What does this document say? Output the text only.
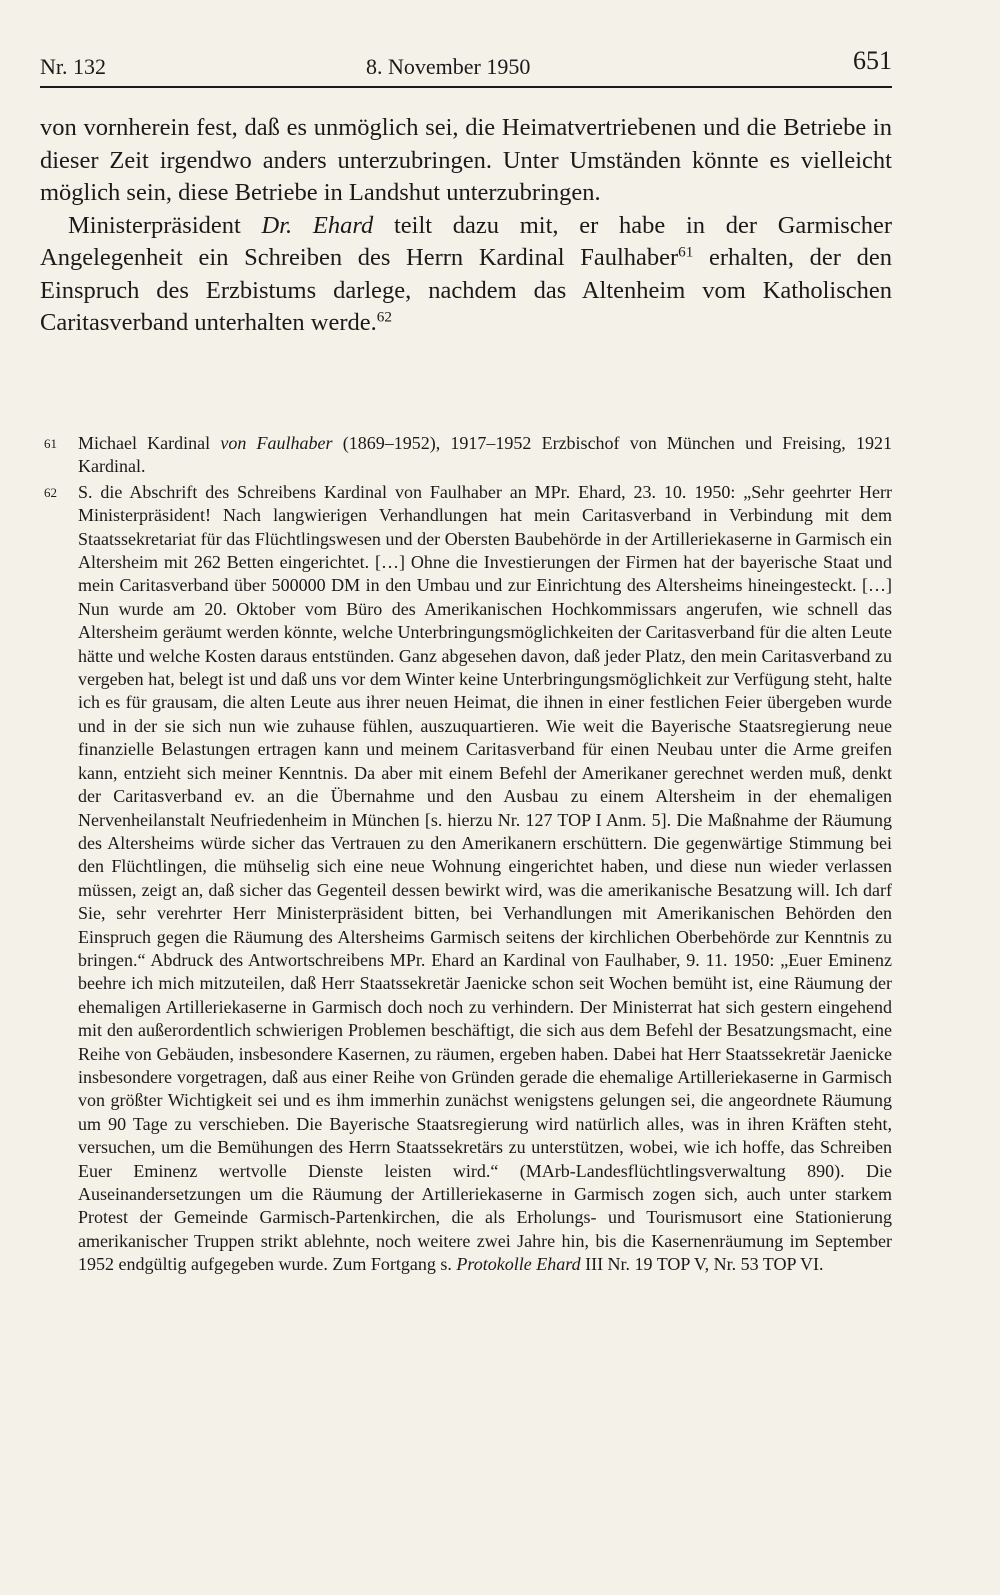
Nr. 132	8. November 1950	651

von vornherein fest, daß es unmöglich sei, die Heimatvertriebenen und die Betriebe in dieser Zeit irgendwo anders unterzubringen. Unter Umständen könnte es vielleicht möglich sein, diese Betriebe in Landshut unterzubringen.

Ministerpräsident Dr. Ehard teilt dazu mit, er habe in der Garmischer Angelegenheit ein Schreiben des Herrn Kardinal Faulhaber$^{61}$ erhalten, der den Einspruch des Erzbistums darlege, nachdem das Altenheim vom Katholischen Caritasverband unterhalten werde.$^{62}$

61 Michael Kardinal von Faulhaber (1869–1952), 1917–1952 Erzbischof von München und Freising, 1921 Kardinal.
62 S. die Abschrift des Schreibens Kardinal von Faulhaber an MPr. Ehard, 23. 10. 1950: „Sehr geehrter Herr Ministerpräsident! Nach langwierigen Verhandlungen hat mein Caritasverband in Verbindung mit dem Staatssekretariat für das Flüchtlingswesen und der Obersten Baubehörde in der Artilleriekaserne in Garmisch ein Altersheim mit 262 Betten eingerichtet. […] Ohne die Investierungen der Firmen hat der bayerische Staat und mein Caritasverband über 500000 DM in den Umbau und zur Einrichtung des Altersheims hineingesteckt. […] Nun wurde am 20. Oktober vom Büro des Amerikanischen Hochkommissars angerufen, wie schnell das Altersheim geräumt werden könnte, welche Unterbringungsmöglichkeiten der Caritasverband für die alten Leute hätte und welche Kosten daraus entstünden. Ganz abgesehen davon, daß jeder Platz, den mein Caritasverband zu vergeben hat, belegt ist und daß uns vor dem Winter keine Unterbringungsmöglichkeit zur Verfügung steht, halte ich es für grausam, die alten Leute aus ihrer neuen Heimat, die ihnen in einer festlichen Feier übergeben wurde und in der sie sich nun wie zuhause fühlen, auszuquartieren. Wie weit die Bayerische Staatsregierung neue finanzielle Belastungen ertragen kann und meinem Caritasverband für einen Neubau unter die Arme greifen kann, entzieht sich meiner Kenntnis. Da aber mit einem Befehl der Amerikaner gerechnet werden muß, denkt der Caritasverband ev. an die Übernahme und den Ausbau zu einem Altersheim in der ehemaligen Nervenheilanstalt Neufriedenheim in München [s. hierzu Nr. 127 TOP I Anm. 5]. Die Maßnahme der Räumung des Altersheims würde sicher das Vertrauen zu den Amerikanern erschüttern. Die gegenwärtige Stimmung bei den Flüchtlingen, die mühselig sich eine neue Wohnung eingerichtet haben, und diese nun wieder verlassen müssen, zeigt an, daß sicher das Gegenteil dessen bewirkt wird, was die amerikanische Besatzung will. Ich darf Sie, sehr verehrter Herr Ministerpräsident bitten, bei Verhandlungen mit Amerikanischen Behörden den Einspruch gegen die Räumung des Altersheims Garmisch seitens der kirchlichen Oberbehörde zur Kenntnis zu bringen.“ Abdruck des Antwortschreibens MPr. Ehard an Kardinal von Faulhaber, 9. 11. 1950: „Euer Eminenz beehre ich mich mitzuteilen, daß Herr Staatssekretär Jaenicke schon seit Wochen bemüht ist, eine Räumung der ehemaligen Artilleriekaserne in Garmisch doch noch zu verhindern. Der Ministerrat hat sich gestern eingehend mit den außerordentlich schwierigen Problemen beschäftigt, die sich aus dem Befehl der Besatzungsmacht, eine Reihe von Gebäuden, insbesondere Kasernen, zu räumen, ergeben haben. Dabei hat Herr Staatssekretär Jaenicke insbesondere vorgetragen, daß aus einer Reihe von Gründen gerade die ehemalige Artilleriekaserne in Garmisch von größter Wichtigkeit sei und es ihm immerhin zunächst wenigstens gelungen sei, die angeordnete Räumung um 90 Tage zu verschieben. Die Bayerische Staatsregierung wird natürlich alles, was in ihren Kräften steht, versuchen, um die Bemühungen des Herrn Staatssekretärs zu unterstützen, wobei, wie ich hoffe, das Schreiben Euer Eminenz wertvolle Dienste leisten wird.“ (MArb-Landesflüchtlingsverwaltung 890). Die Auseinandersetzungen um die Räumung der Artilleriekaserne in Garmisch zogen sich, auch unter starkem Protest der Gemeinde Garmisch-Partenkirchen, die als Erholungs- und Tourismusort eine Stationierung amerikanischer Truppen strikt ablehnte, noch weitere zwei Jahre hin, bis die Kasernenräumung im September 1952 endgültig aufgegeben wurde. Zum Fortgang s. Protokolle Ehard III Nr. 19 TOP V, Nr. 53 TOP VI.
